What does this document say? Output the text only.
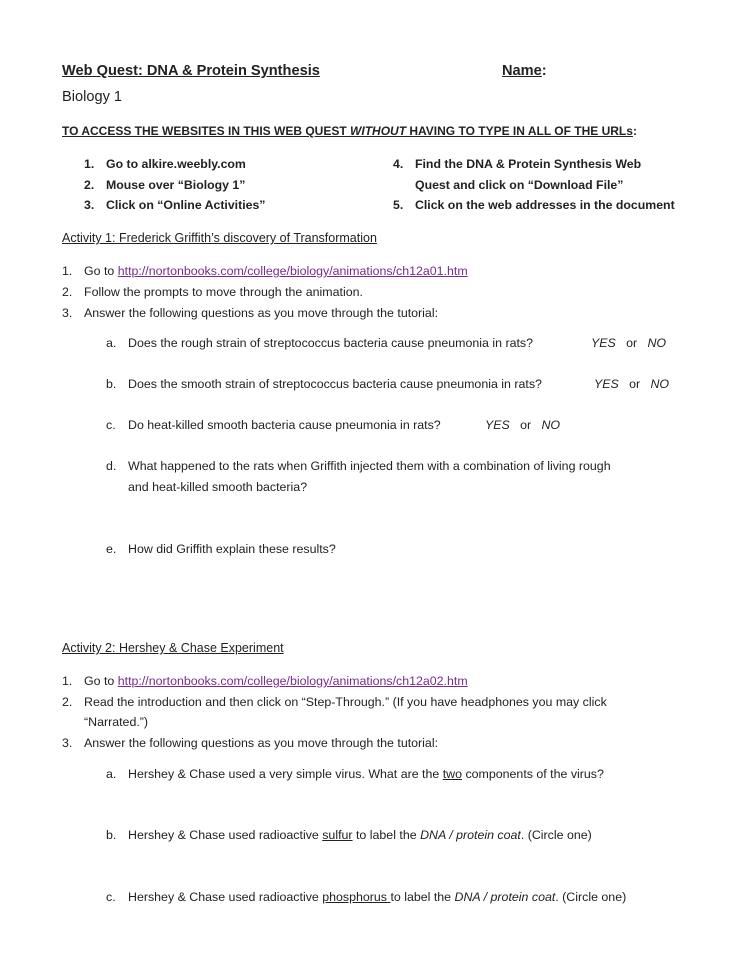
Web Quest: DNA & Protein Synthesis	Name:
Biology 1
TO ACCESS THE WEBSITES IN THIS WEB QUEST WITHOUT HAVING TO TYPE IN ALL OF THE URLs:
1. Go to alkire.weebly.com
2. Mouse over “Biology 1”
3. Click on “Online Activities”
4. Find the DNA & Protein Synthesis Web
Quest and click on “Download File”
5. Click on the web addresses in the document
Activity 1: Frederick Griffith’s discovery of Transformation
1. Go to http://nortonbooks.com/college/biology/animations/ch12a01.htm
2. Follow the prompts to move through the animation.
3. Answer the following questions as you move through the tutorial:
a. Does the rough strain of streptococcus bacteria cause pneumonia in rats?	YES or NO
b. Does the smooth strain of streptococcus bacteria cause pneumonia in rats?	YES or NO
c. Do heat-killed smooth bacteria cause pneumonia in rats?	YES or NO
d. What happened to the rats when Griffith injected them with a combination of living rough
and heat-killed smooth bacteria?
e. How did Griffith explain these results?
Activity 2: Hershey & Chase Experiment
1. Go to http://nortonbooks.com/college/biology/animations/ch12a02.htm
2. Read the introduction and then click on “Step-Through.” (If you have headphones you may click
“Narrated.”)
3. Answer the following questions as you move through the tutorial:
a. Hershey & Chase used a very simple virus. What are the two components of the virus?
b. Hershey & Chase used radioactive sulfur to label the DNA / protein coat. (Circle one)
c. Hershey & Chase used radioactive phosphorus to label the DNA / protein coat. (Circle one)
